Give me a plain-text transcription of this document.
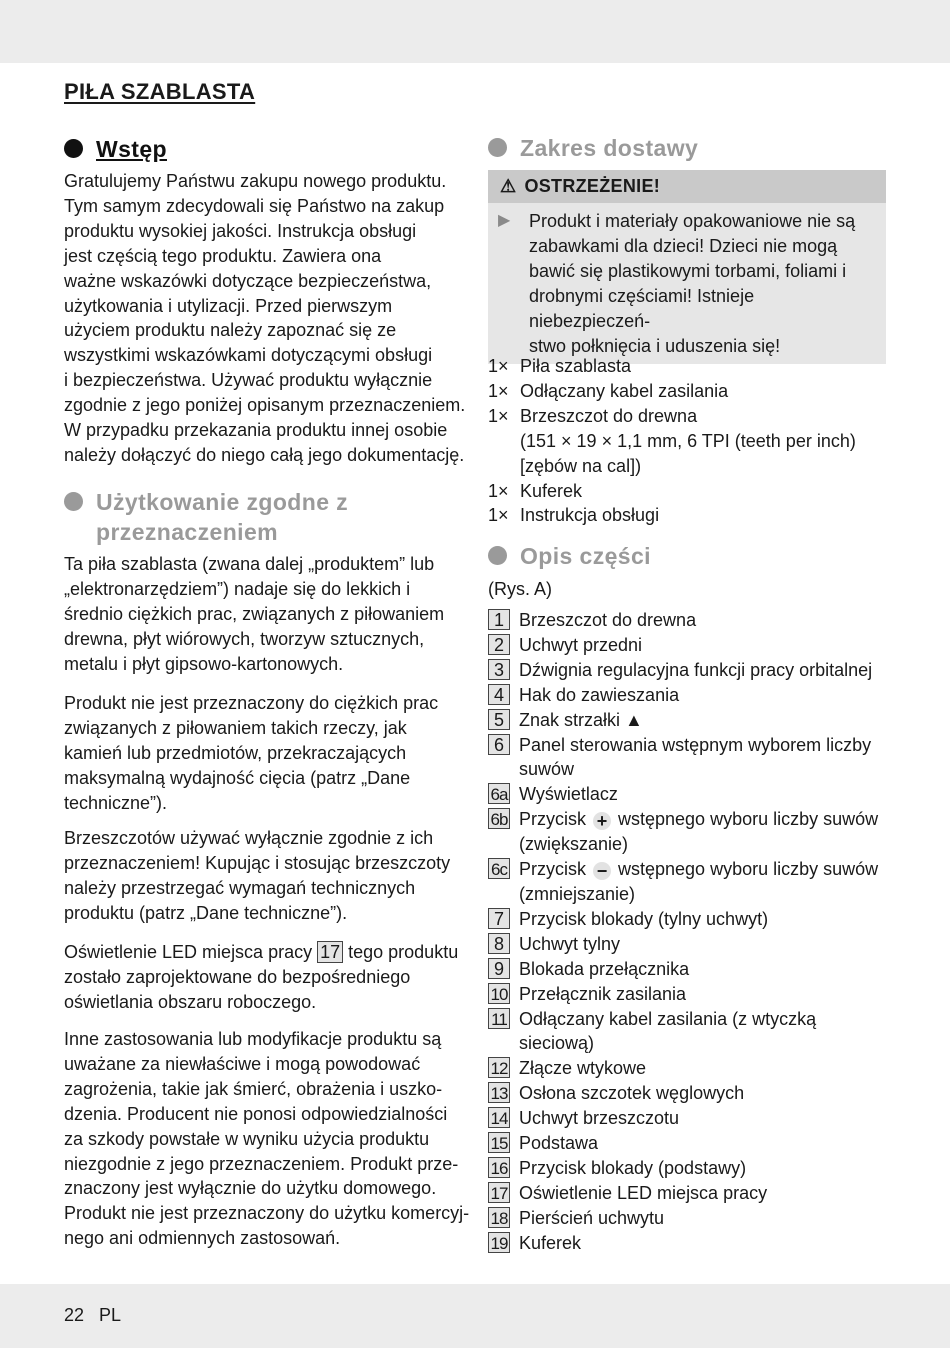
PIŁA SZABLASTA
Wstęp
Gratulujemy Państwu zakupu nowego produktu.
Tym samym zdecydowali się Państwo na zakup
produktu wysokiej jakości. Instrukcja obsługi
jest częścią tego produktu. Zawiera ona
ważne wskazówki dotyczące bezpieczeństwa,
użytkowania i utylizacji. Przed pierwszym
użyciem produktu należy zapoznać się ze
wszystkimi wskazówkami dotyczącymi obsługi
i bezpieczeństwa. Używać produktu wyłącznie
zgodnie z jego poniżej opisanym przeznaczeniem.
W przypadku przekazania produktu innej osobie
należy dołączyć do niego całą jego dokumentację.
Użytkowanie zgodne z
przeznaczeniem
Ta piła szablasta (zwana dalej „produktem” lub
„elektronarzędziem”) nadaje się do lekkich i
średnio ciężkich prac, związanych z piłowaniem
drewna, płyt wiórowych, tworzyw sztucznych,
metalu i płyt gipsowo-kartonowych.
Produkt nie jest przeznaczony do ciężkich prac
związanych z piłowaniem takich rzeczy, jak
kamień lub przedmiotów, przekraczających
maksymalną wydajność cięcia (patrz „Dane
techniczne”).
Brzeszczotów używać wyłącznie zgodnie z ich
przeznaczeniem! Kupując i stosując brzeszczoty
należy przestrzegać wymagań technicznych
produktu (patrz „Dane techniczne”).
Oświetlenie LED miejsca pracy 17 tego produktu
zostało zaprojektowane do bezpośredniego
oświetlania obszaru roboczego.
Inne zastosowania lub modyfikacje produktu są
uważane za niewłaściwe i mogą powodować
zagrożenia, takie jak śmierć, obrażenia i uszko-
dzenia. Producent nie ponosi odpowiedzialności
za szkody powstałe w wyniku użycia produktu
niezgodnie z jego przeznaczeniem. Produkt prze-
znaczony jest wyłącznie do użytku domowego.
Produkt nie jest przeznaczony do użytku komercyj-
nego ani odmiennych zastosowań.
Zakres dostawy
⚠ OSTRZEŻENIE!
▶	Produkt i materiały opakowaniowe nie są
zabawkami dla dzieci! Dzieci nie mogą
bawić się plastikowymi torbami, foliami i
drobnymi częściami! Istnieje niebezpieczeń-
stwo połknięcia i uduszenia się!
1× Piła szablasta
1× Odłączany kabel zasilania
1× Brzeszczot do drewna
(151 × 19 × 1,1 mm, 6 TPI (teeth per inch)
[zębów na cal])
1× Kuferek
1× Instrukcja obsługi
Opis części
(Rys. A)
1 Brzeszczot do drewna
2 Uchwyt przedni
3 Dźwignia regulacyjna funkcji pracy orbitalnej
4 Hak do zawieszania
5 Znak strzałki ▲
6 Panel sterowania wstępnym wyborem liczby
suwów
6a Wyświetlacz
6b Przycisk + wstępnego wyboru liczby suwów
(zwiększanie)
6c Przycisk − wstępnego wyboru liczby suwów
(zmniejszanie)
7 Przycisk blokady (tylny uchwyt)
8 Uchwyt tylny
9 Blokada przełącznika
10 Przełącznik zasilania
11 Odłączany kabel zasilania (z wtyczką
sieciową)
12 Złącze wtykowe
13 Osłona szczotek węglowych
14 Uchwyt brzeszczotu
15 Podstawa
16 Przycisk blokady (podstawy)
17 Oświetlenie LED miejsca pracy
18 Pierścień uchwytu
19 Kuferek
22 PL
